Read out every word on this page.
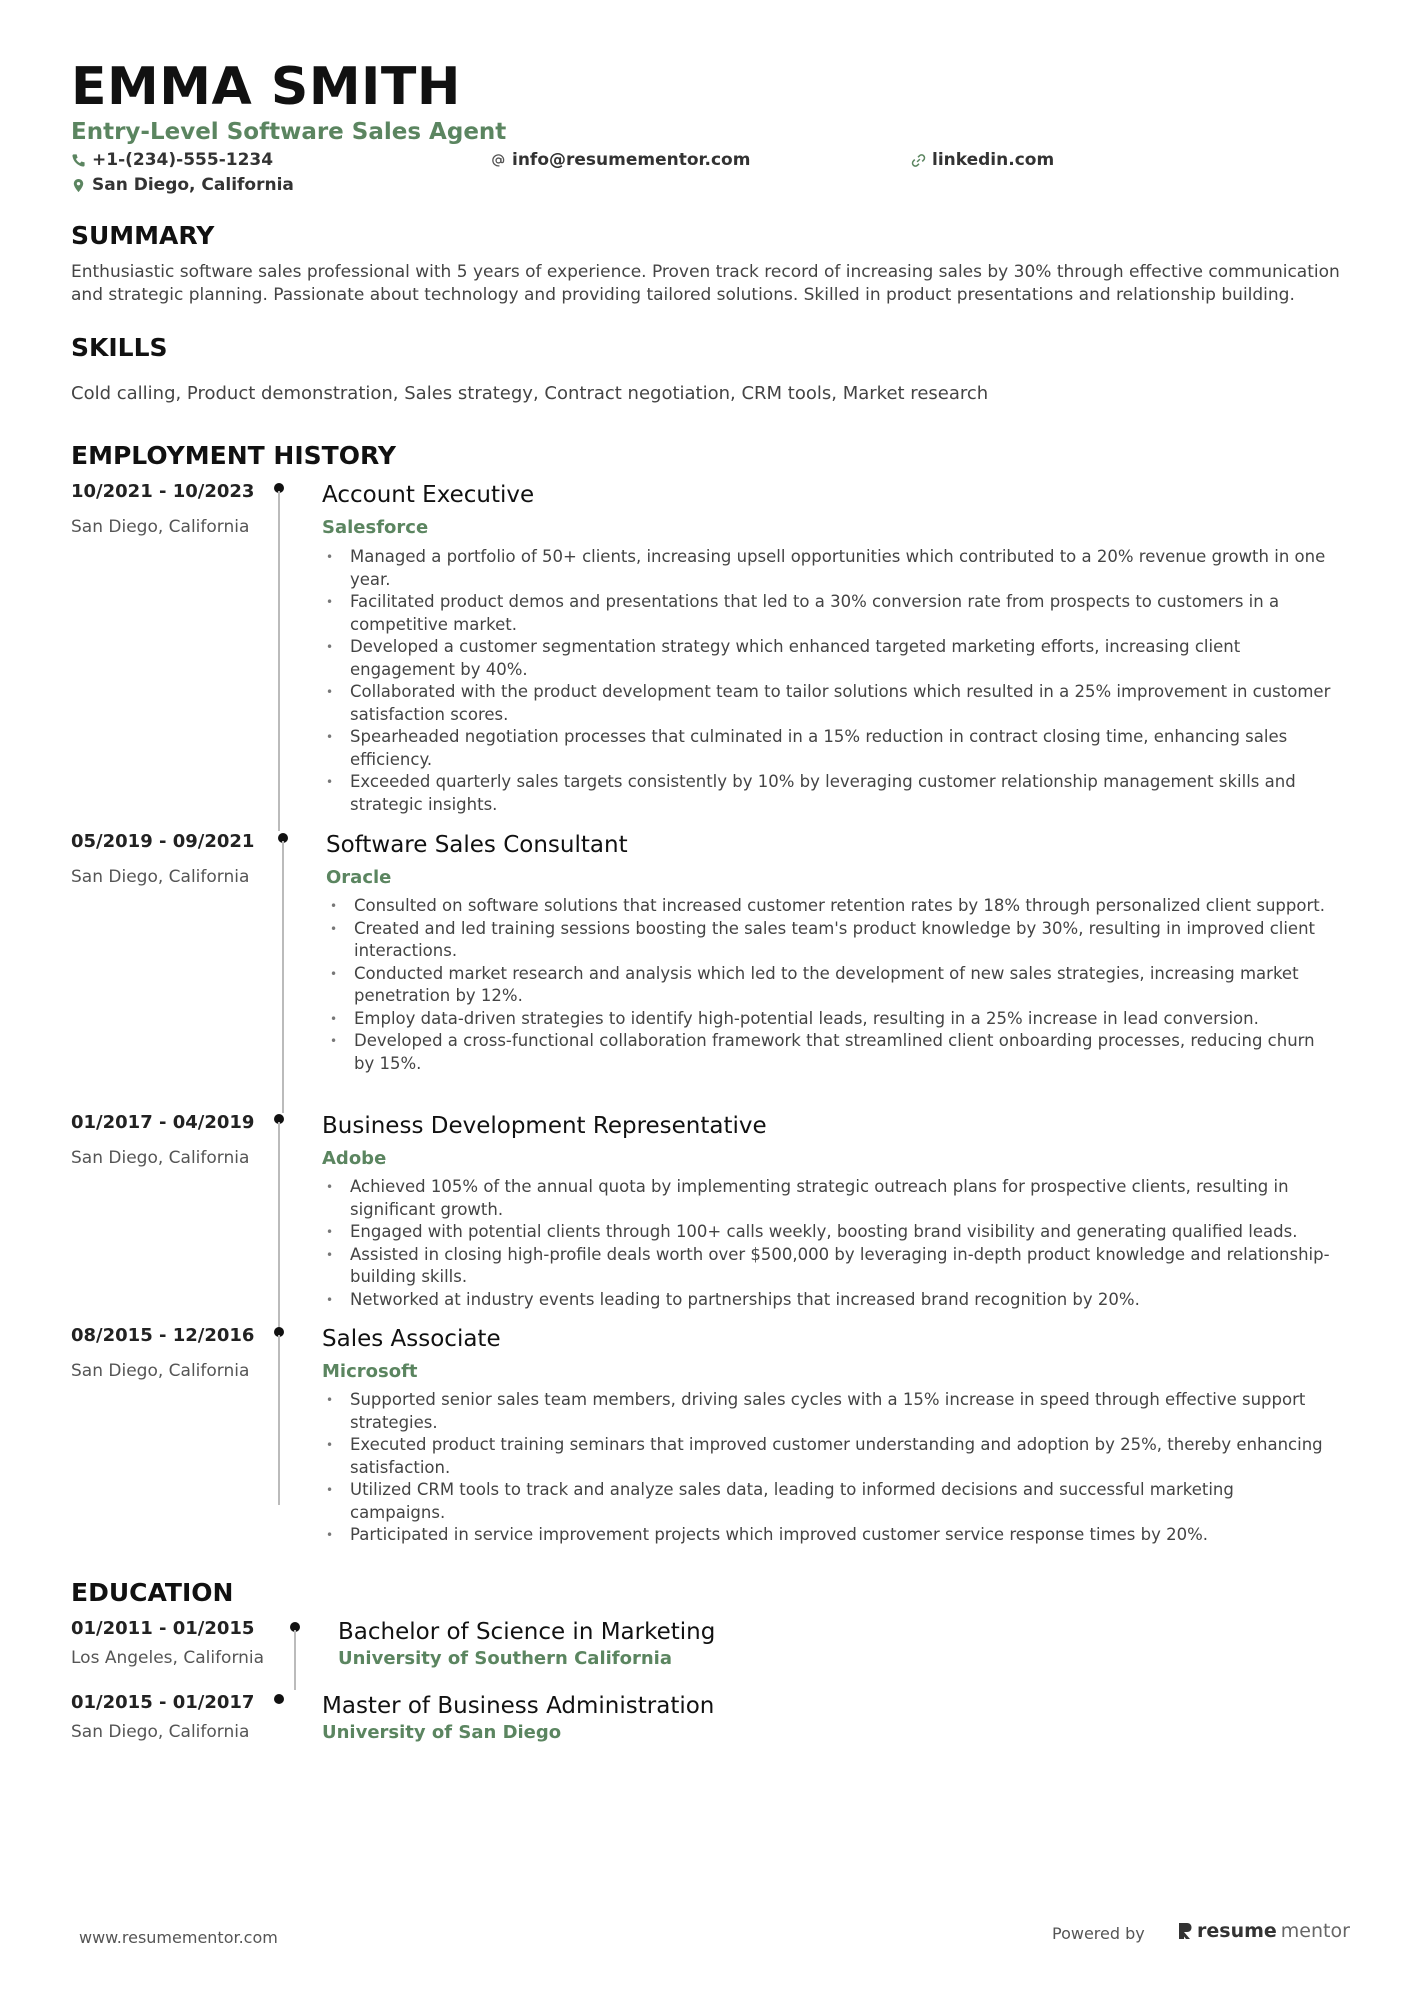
EMMA SMITH
Entry-Level Software Sales Agent
+1-(234)-555-1234	info@resumementor.com	linkedin.com
San Diego, California
SUMMARY
Enthusiastic software sales professional with 5 years of experience. Proven track record of increasing sales by 30% through effective communication and strategic planning. Passionate about technology and providing tailored solutions. Skilled in product presentations and relationship building.
SKILLS
Cold calling, Product demonstration, Sales strategy, Contract negotiation, CRM tools, Market research
EMPLOYMENT HISTORY
10/2021 - 10/2023
San Diego, California
Account Executive
Salesforce
• Managed a portfolio of 50+ clients, increasing upsell opportunities which contributed to a 20% revenue growth in one year.
• Facilitated product demos and presentations that led to a 30% conversion rate from prospects to customers in a competitive market.
• Developed a customer segmentation strategy which enhanced targeted marketing efforts, increasing client engagement by 40%.
• Collaborated with the product development team to tailor solutions which resulted in a 25% improvement in customer satisfaction scores.
• Spearheaded negotiation processes that culminated in a 15% reduction in contract closing time, enhancing sales efficiency.
• Exceeded quarterly sales targets consistently by 10% by leveraging customer relationship management skills and strategic insights.
05/2019 - 09/2021
San Diego, California
Software Sales Consultant
Oracle
• Consulted on software solutions that increased customer retention rates by 18% through personalized client support.
• Created and led training sessions boosting the sales team's product knowledge by 30%, resulting in improved client interactions.
• Conducted market research and analysis which led to the development of new sales strategies, increasing market penetration by 12%.
• Employ data-driven strategies to identify high-potential leads, resulting in a 25% increase in lead conversion.
• Developed a cross-functional collaboration framework that streamlined client onboarding processes, reducing churn by 15%.
01/2017 - 04/2019
San Diego, California
Business Development Representative
Adobe
• Achieved 105% of the annual quota by implementing strategic outreach plans for prospective clients, resulting in significant growth.
• Engaged with potential clients through 100+ calls weekly, boosting brand visibility and generating qualified leads.
• Assisted in closing high-profile deals worth over $500,000 by leveraging in-depth product knowledge and relationship-building skills.
• Networked at industry events leading to partnerships that increased brand recognition by 20%.
08/2015 - 12/2016
San Diego, California
Sales Associate
Microsoft
• Supported senior sales team members, driving sales cycles with a 15% increase in speed through effective support strategies.
• Executed product training seminars that improved customer understanding and adoption by 25%, thereby enhancing satisfaction.
• Utilized CRM tools to track and analyze sales data, leading to informed decisions and successful marketing campaigns.
• Participated in service improvement projects which improved customer service response times by 20%.
EDUCATION
01/2011 - 01/2015
Los Angeles, California
Bachelor of Science in Marketing
University of Southern California
01/2015 - 01/2017
San Diego, California
Master of Business Administration
University of San Diego
www.resumementor.com	Powered by	resume mentor
